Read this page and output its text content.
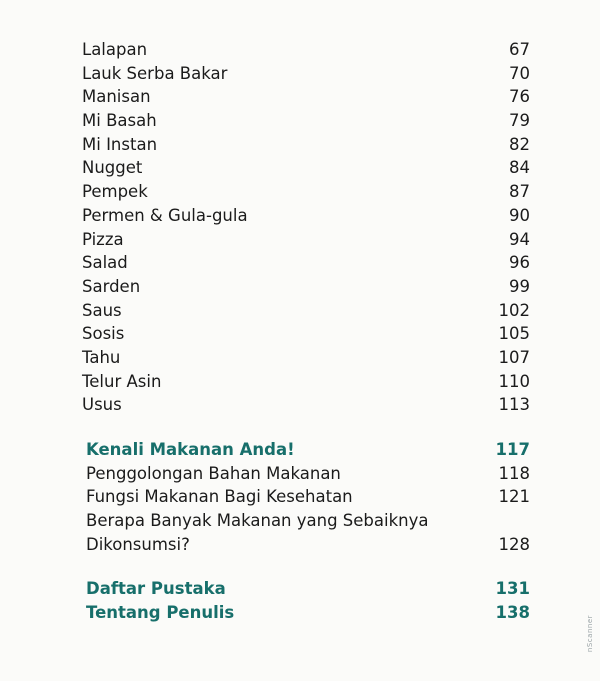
Lalapan	67
Lauk Serba Bakar	70
Manisan	76
Mi Basah	79
Mi Instan	82
Nugget	84
Pempek	87
Permen & Gula-gula	90
Pizza	94
Salad	96
Sarden	99
Saus	102
Sosis	105
Tahu	107
Telur Asin	110
Usus	113
Kenali Makanan Anda!	117
Penggolongan Bahan Makanan	118
Fungsi Makanan Bagi Kesehatan	121
Berapa Banyak Makanan yang Sebaiknya Dikonsumsi?	128
Daftar Pustaka	131
Tentang Penulis	138
nScanner
